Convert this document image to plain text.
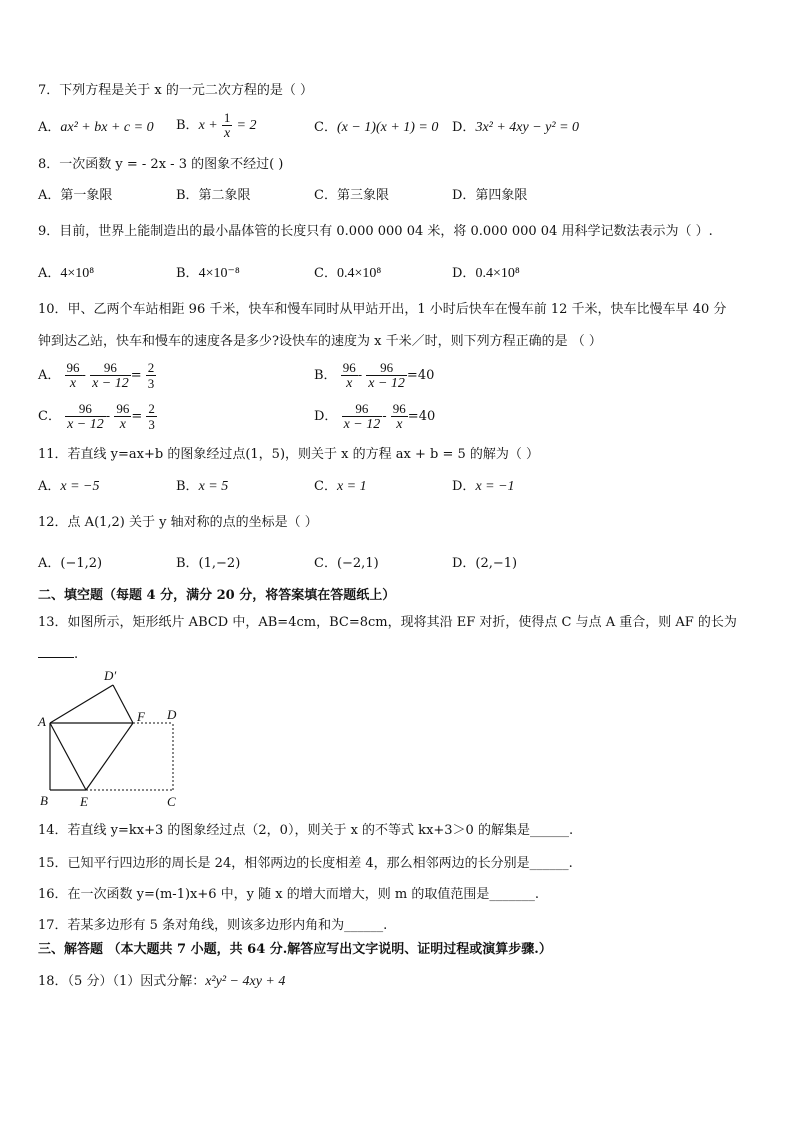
7．下列方程是关于 x 的一元二次方程的是（ ）
A．ax² + bx + c = 0 B．$x + \frac{1}{x} = 2$	C．(x − 1)(x + 1) = 0 D．3x² + 4xy − y² = 0
8．一次函数 y = - 2x - 3 的图象不经过( )
A．第一象限	B．第二象限	C．第三象限	D．第四象限
9．目前，世界上能制造出的最小晶体管的长度只有 0.000 000 04 米，将 0.000 000 04 用科学记数法表示为（ ）.
A．4×10⁸	B．4×10⁻⁸	C．0.4×10⁸	D．0.4×10⁸
10．甲、乙两个车站相距 96 千米，快车和慢车同时从甲站开出，1 小时后快车在慢车前 12 千米，快车比慢车早 40 分
钟到达乙站，快车和慢车的速度各是多少?设快车的速度为 x 千米／时，则下列方程正确的是 （ ）
A． $\frac{96}{x} - \frac{96}{x - 12} = \frac{2}{3}$	B． $\frac{96}{x} - \frac{96}{x - 12} =40$
C． $\frac{96}{x - 12} - \frac{96}{x} = \frac{2}{3}$	D． $\frac{96}{x - 12} - \frac{96}{x} =40$
11．若直线 y=ax+b 的图象经过点(1，5)，则关于 x 的方程 ax + b = 5 的解为（ ）
A．x = −5	B．x = 5	C．x = 1	D．x = −1
12．点 A(1,2) 关于 y 轴对称的点的坐标是（ ）
A．(−1,2)	B．(1,−2)	C．(−2,1)	D．(2,−1)
二、填空题（每题 4 分，满分 20 分，将答案填在答题纸上）
13．如图所示，矩形纸片 ABCD 中，AB=4cm，BC=8cm，现将其沿 EF 对折，使得点 C 与点 A 重合，则 AF 的长为
.
A
B E	C
D
F
D′
14．若直线 y=kx+3 的图象经过点（2，0），则关于 x 的不等式 kx+3＞0 的解集是______.
15．已知平行四边形的周长是 24，相邻两边的长度相差 4，那么相邻两边的长分别是______.
16．在一次函数 y=(m-1)x+6 中，y 随 x 的增大而增大，则 m 的取值范围是_______.
17．若某多边形有 5 条对角线，则该多边形内角和为______.
三、解答题 （本大题共 7 小题，共 64 分.解答应写出文字说明、证明过程或演算步骤.）
18．（5 分）（1）因式分解：x²y² − 4xy + 4
